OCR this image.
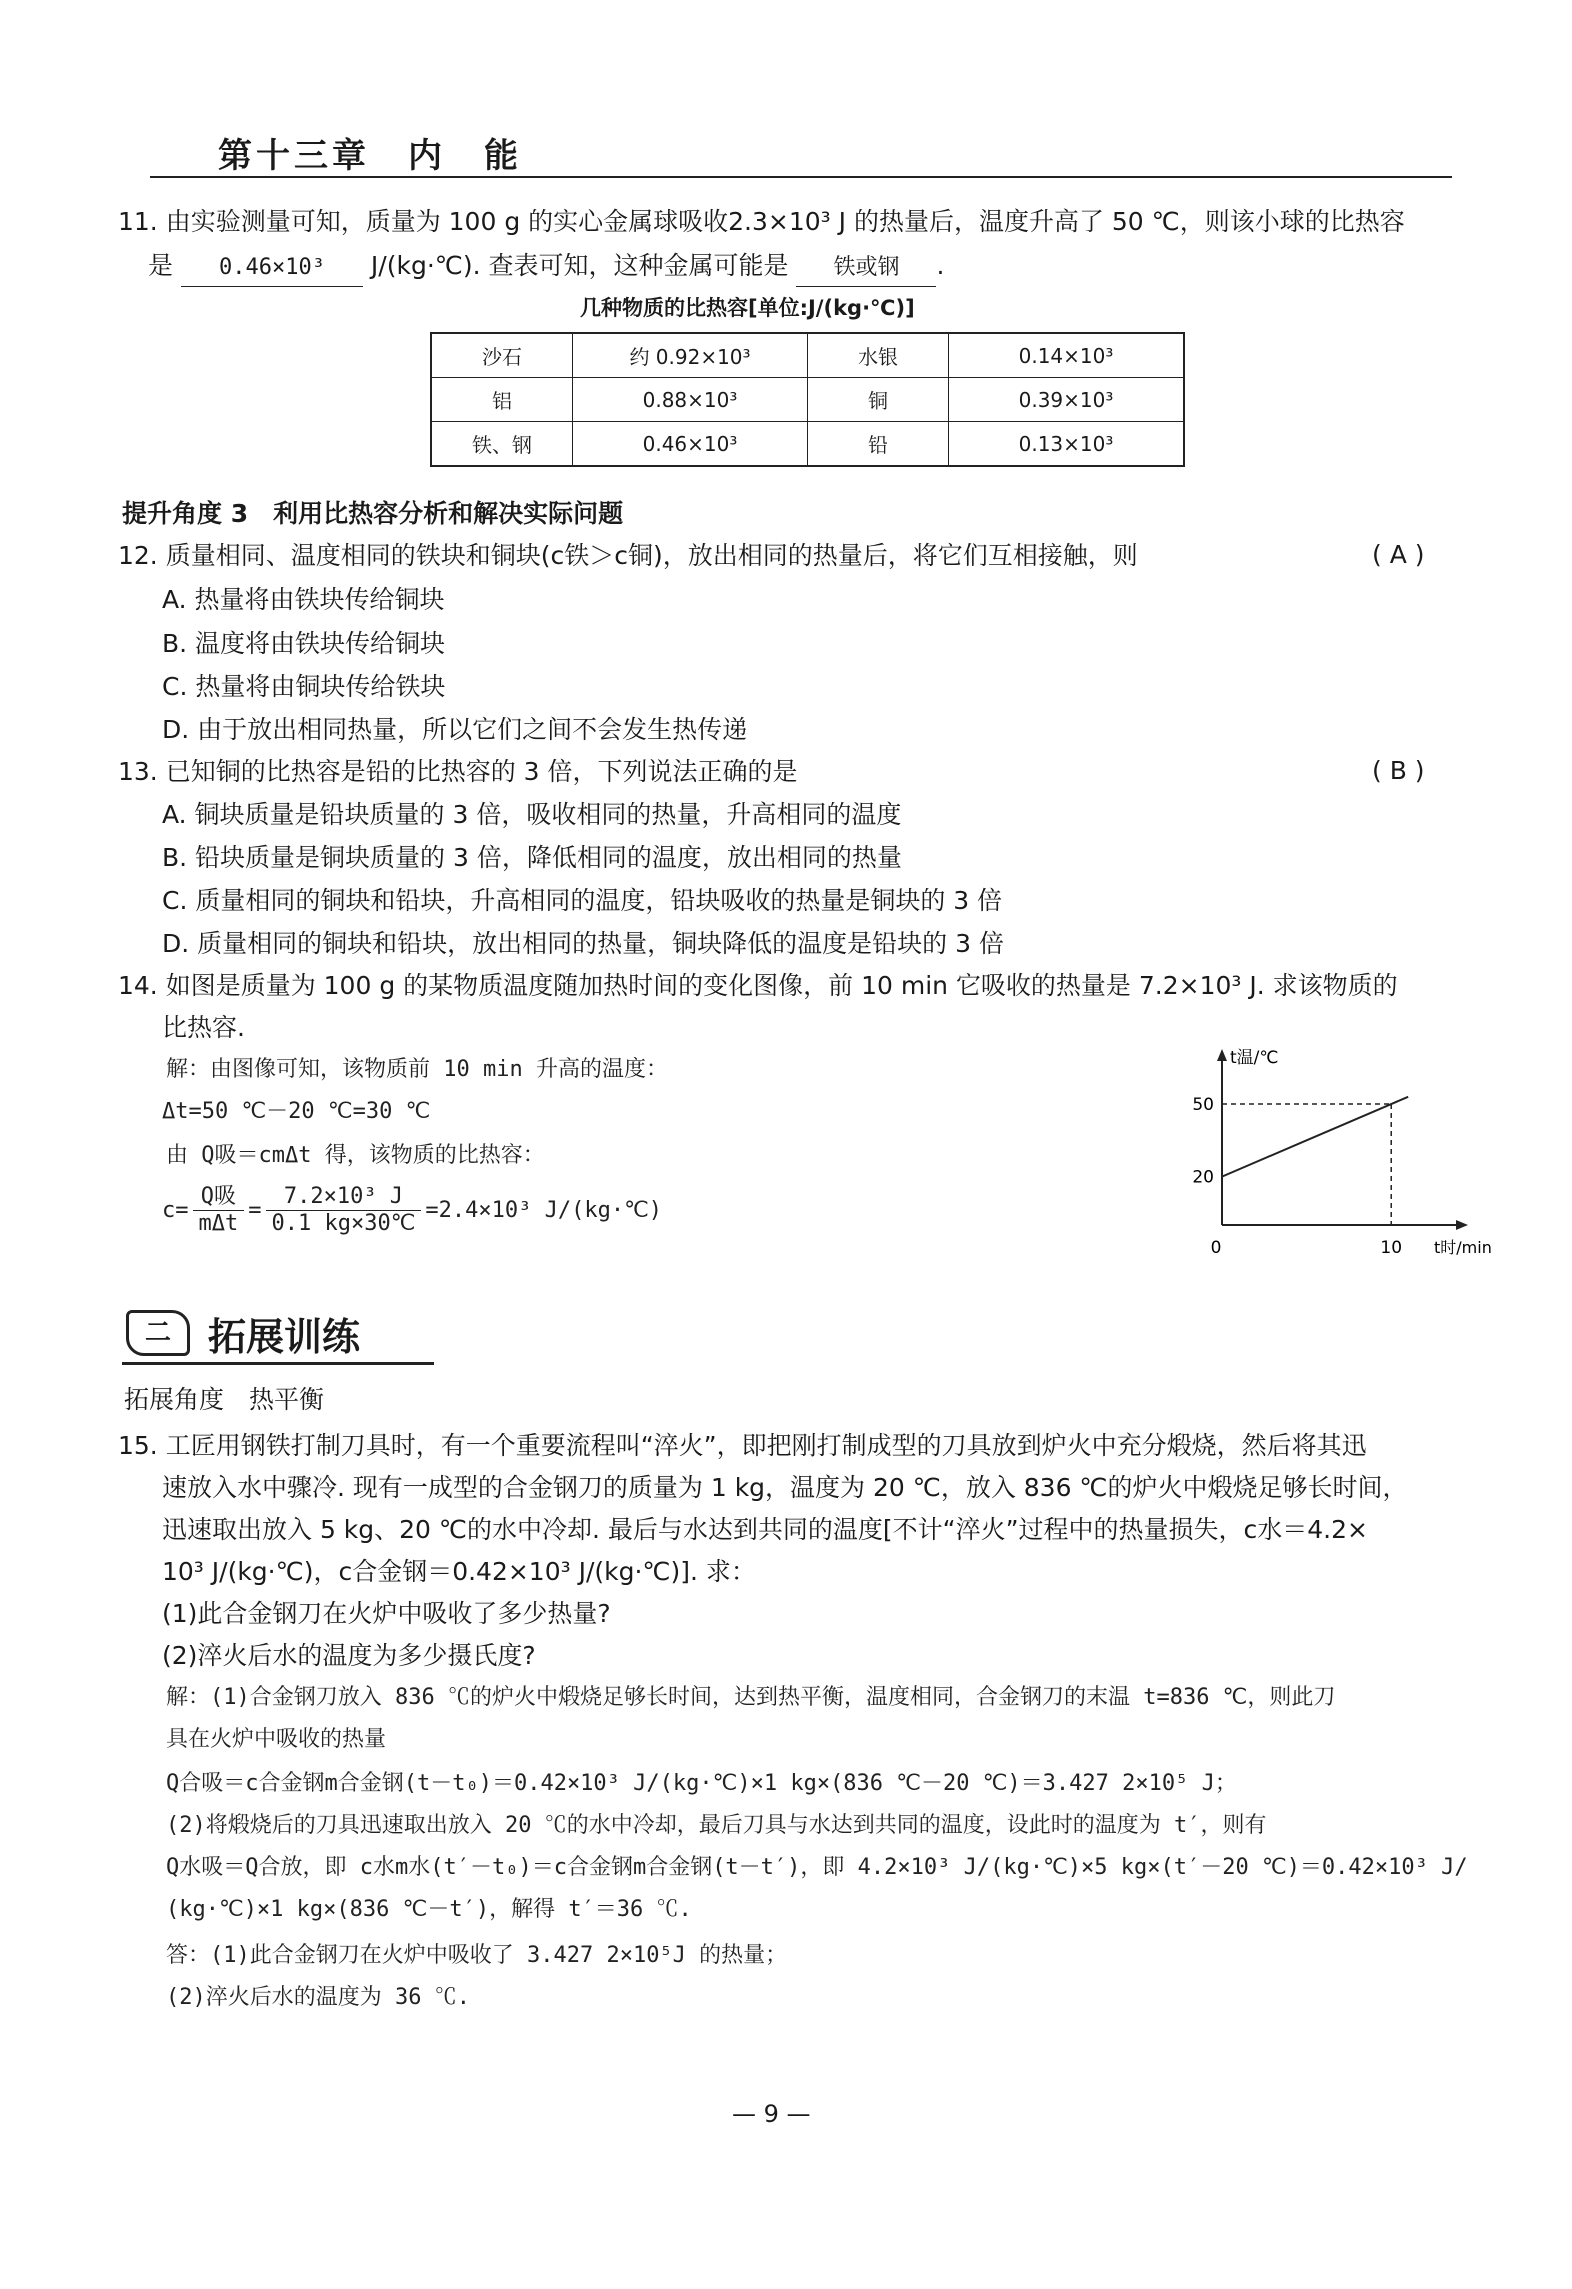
第十三章　内　能
11. 由实验测量可知，质量为 100 g 的实心金属球吸收2.3×10³ J 的热量后，温度升高了 50 ℃，则该小球的比热容
是 0.46×10³ J/(kg·℃). 查表可知，这种金属可能是 铁或钢 .
几种物质的比热容[单位:J/(kg·℃)]
沙石	约 0.92×10³	水银	0.14×10³
铝	0.88×10³	铜	0.39×10³
铁、钢	0.46×10³	铅	0.13×10³
提升角度 3　利用比热容分析和解决实际问题
12. 质量相同、温度相同的铁块和铜块(c铁＞c铜)，放出相同的热量后，将它们互相接触，则	( A )
A. 热量将由铁块传给铜块
B. 温度将由铁块传给铜块
C. 热量将由铜块传给铁块
D. 由于放出相同热量，所以它们之间不会发生热传递
13. 已知铜的比热容是铅的比热容的 3 倍，下列说法正确的是	( B )
A. 铜块质量是铅块质量的 3 倍，吸收相同的热量，升高相同的温度
B. 铅块质量是铜块质量的 3 倍，降低相同的温度，放出相同的热量
C. 质量相同的铜块和铅块，升高相同的温度，铅块吸收的热量是铜块的 3 倍
D. 质量相同的铜块和铅块，放出相同的热量，铜块降低的温度是铅块的 3 倍
14. 如图是质量为 100 g 的某物质温度随加热时间的变化图像，前 10 min 它吸收的热量是 7.2×10³ J. 求该物质的
比热容.
解：由图像可知，该物质前 10 min 升高的温度：
Δt=50 ℃－20 ℃=30 ℃
由 Q吸＝cmΔt 得，该物质的比热容：
$c= \frac{\text{Q吸}}{\text{mΔt}} = \frac{\text{7.2×10³ J}}{0.1 kg\times 30℃} =2.4\times 10^3$ J/(kg·℃)
t温/℃
t时/min
0	10
20
50
二 拓展训练
拓展角度　热平衡
15. 工匠用钢铁打制刀具时，有一个重要流程叫“淬火”，即把刚打制成型的刀具放到炉火中充分煅烧，然后将其迅
速放入水中骤冷. 现有一成型的合金钢刀的质量为 1 kg，温度为 20 ℃，放入 836 ℃的炉火中煅烧足够长时间，
迅速取出放入 5 kg、20 ℃的水中冷却. 最后与水达到共同的温度[不计“淬火”过程中的热量损失，c水＝4.2×
10³ J/(kg·℃)，c合金钢＝0.42×10³ J/(kg·℃)]. 求：
(1)此合金钢刀在火炉中吸收了多少热量?
(2)淬火后水的温度为多少摄氏度?
解：(1)合金钢刀放入 836 ℃的炉火中煅烧足够长时间，达到热平衡，温度相同，合金钢刀的末温 t=836 ℃，则此刀
具在火炉中吸收的热量
Q合吸＝c合金钢m合金钢(t－t₀)＝0.42×10³ J/(kg·℃)×1 kg×(836 ℃－20 ℃)＝3.427 2×10⁵ J；
(2)将煅烧后的刀具迅速取出放入 20 ℃的水中冷却，最后刀具与水达到共同的温度，设此时的温度为 t′，则有
Q水吸＝Q合放，即 c水m水(t′－t₀)＝c合金钢m合金钢(t－t′)，即 4.2×10³ J/(kg·℃)×5 kg×(t′－20 ℃)＝0.42×10³ J/
(kg·℃)×1 kg×(836 ℃－t′)，解得 t′＝36 ℃.
答：(1)此合金钢刀在火炉中吸收了 3.427 2×10⁵J 的热量；
(2)淬火后水的温度为 36 ℃.
— 9 —
